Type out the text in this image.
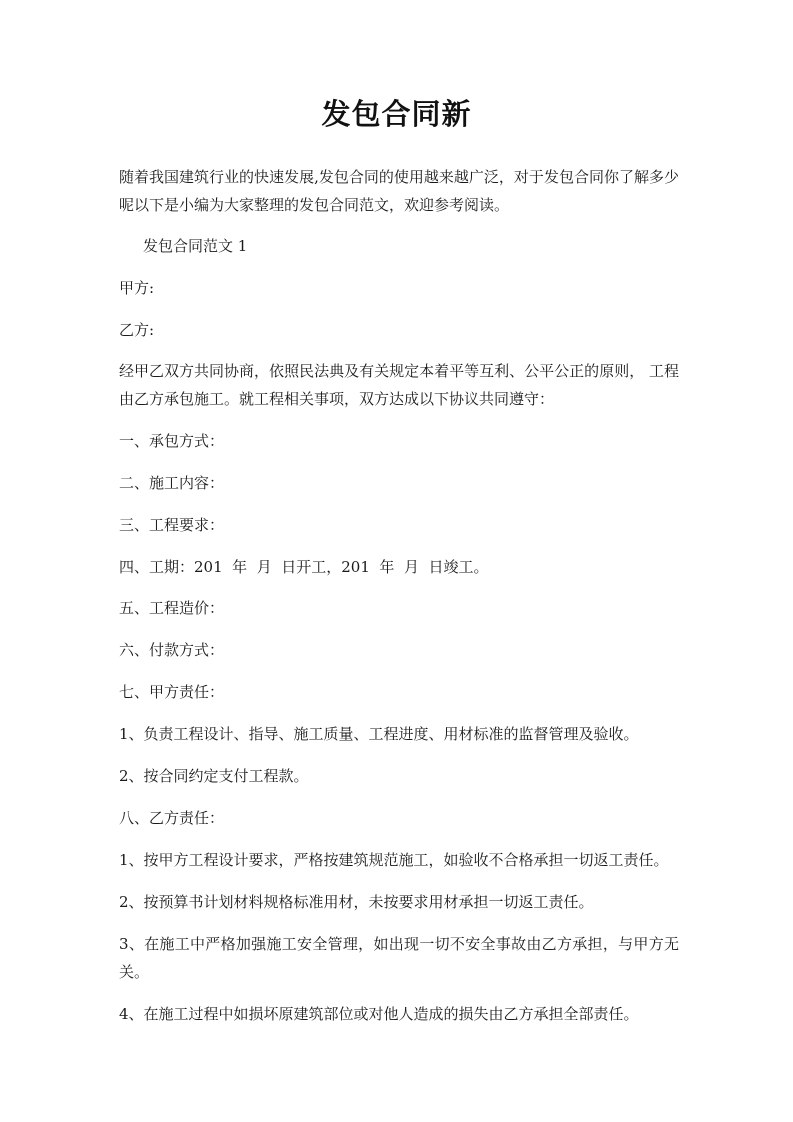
发包合同新
随着我国建筑行业的快速发展,发包合同的使用越来越广泛，对于发包合同你了解多少呢以下是小编为大家整理的发包合同范文，欢迎参考阅读。
发包合同范文 1
甲方:
乙方:
经甲乙双方共同协商，依照民法典及有关规定本着平等互利、公平公正的原则， 工程由乙方承包施工。就工程相关事项，双方达成以下协议共同遵守：
一、承包方式：
二、施工内容：
三、工程要求：
四、工期：201  年  月  日开工，201  年  月  日竣工。
五、工程造价：
六、付款方式：
七、甲方责任：
1、负责工程设计、指导、施工质量、工程进度、用材标准的监督管理及验收。
2、按合同约定支付工程款。
八、乙方责任：
1、按甲方工程设计要求，严格按建筑规范施工，如验收不合格承担一切返工责任。
2、按预算书计划材料规格标准用材，未按要求用材承担一切返工责任。
3、在施工中严格加强施工安全管理，如出现一切不安全事故由乙方承担，与甲方无关。
4、在施工过程中如损坏原建筑部位或对他人造成的损失由乙方承担全部责任。
